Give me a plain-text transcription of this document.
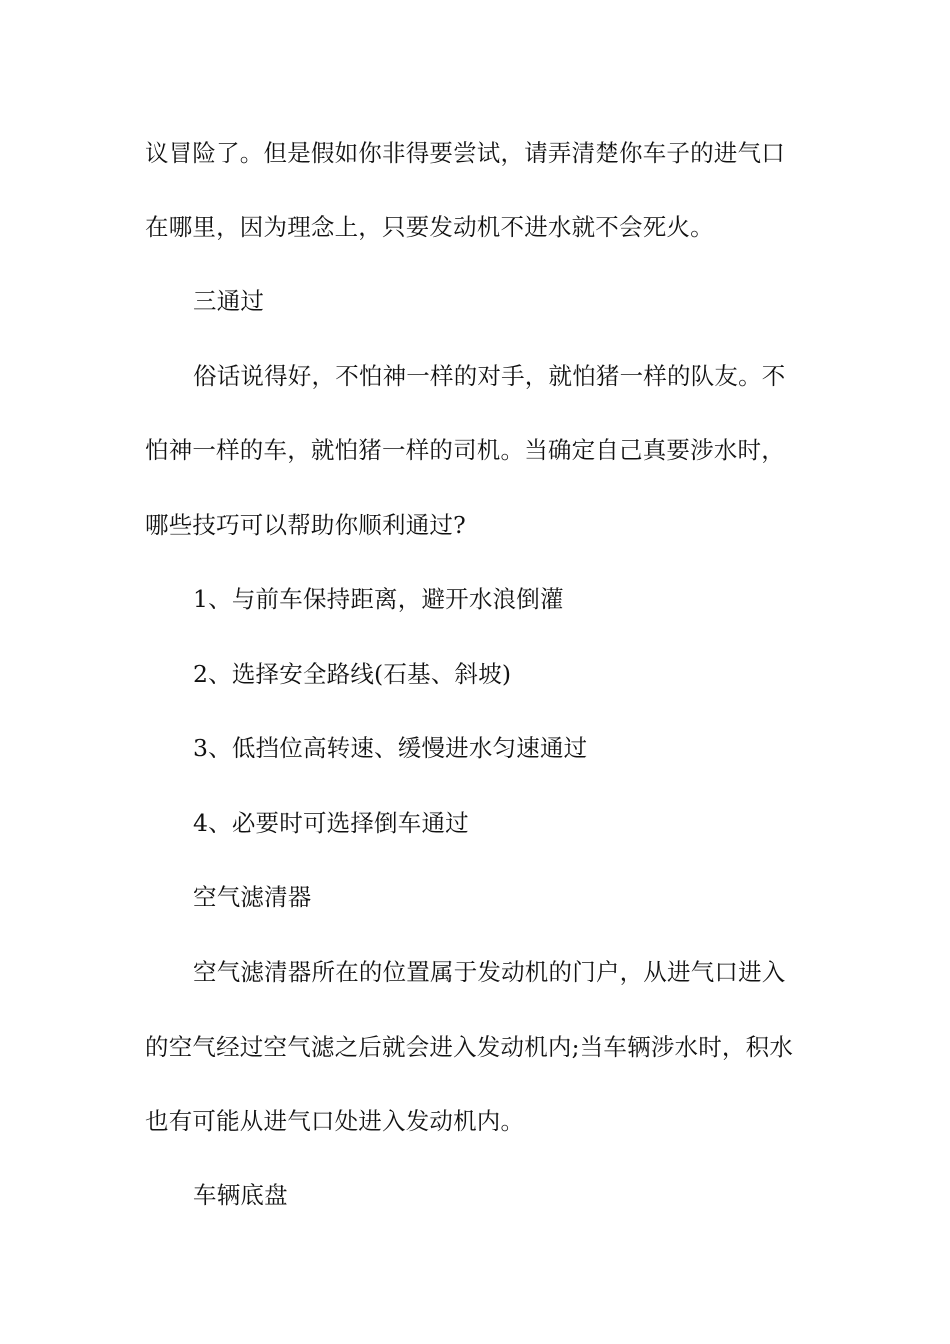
议冒险了。但是假如你非得要尝试，请弄清楚你车子的进气口
在哪里，因为理念上，只要发动机不进水就不会死火。
三通过
俗话说得好，不怕神一样的对手，就怕猪一样的队友。不
怕神一样的车，就怕猪一样的司机。当确定自己真要涉水时，
哪些技巧可以帮助你顺利通过?
1、与前车保持距离，避开水浪倒灌
2、选择安全路线(石基、斜坡)
3、低挡位高转速、缓慢进水匀速通过
4、必要时可选择倒车通过
空气滤清器
空气滤清器所在的位置属于发动机的门户，从进气口进入
的空气经过空气滤之后就会进入发动机内;当车辆涉水时，积水
也有可能从进气口处进入发动机内。
车辆底盘
